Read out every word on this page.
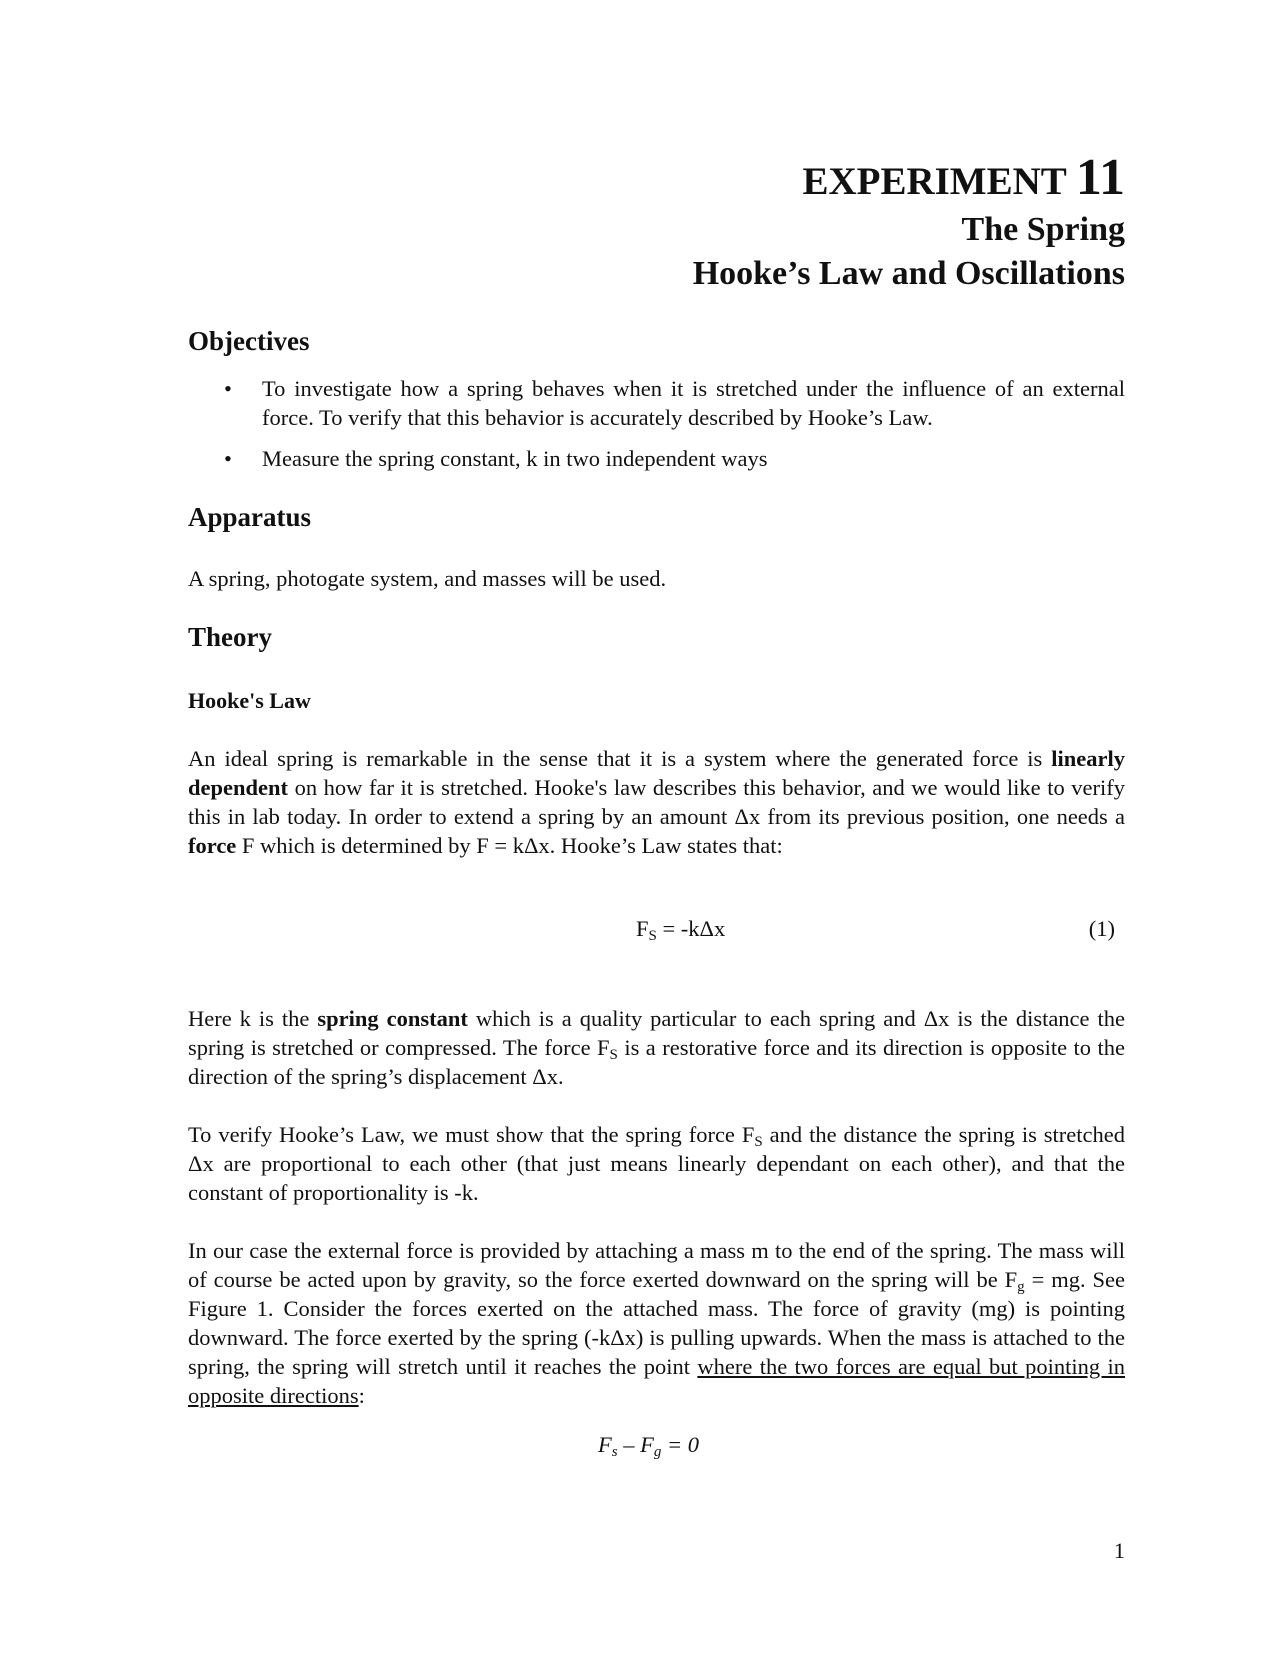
EXPERIMENT 11
The Spring
Hooke’s Law and Oscillations
Objectives
• To investigate how a spring behaves when it is stretched under the influence of an external force. To verify that this behavior is accurately described by Hooke’s Law.
• Measure the spring constant, k in two independent ways
Apparatus

A spring, photogate system, and masses will be used.

Theory
Hooke's Law

An ideal spring is remarkable in the sense that it is a system where the generated force is linearly dependent on how far it is stretched. Hooke's law describes this behavior, and we would like to verify this in lab today. In order to extend a spring by an amount Δx from its previous position, one needs a force F which is determined by F = kΔx. Hooke’s Law states that:

$F_S = -k\Delta x$	(1)

Here k is the spring constant which is a quality particular to each spring and Δx is the distance the spring is stretched or compressed. The force $F_S$ is a restorative force and its direction is opposite to the direction of the spring’s displacement Δx.

To verify Hooke’s Law, we must show that the spring force $F_S$ and the distance the spring is stretched Δx are proportional to each other (that just means linearly dependant on each other), and that the constant of proportionality is -k.

In our case the external force is provided by attaching a mass m to the end of the spring. The mass will of course be acted upon by gravity, so the force exerted downward on the spring will be $F_g$ = mg. See Figure 1. Consider the forces exerted on the attached mass. The force of gravity (mg) is pointing downward. The force exerted by the spring (-kΔx) is pulling upwards. When the mass is attached to the spring, the spring will stretch until it reaches the point where the two forces are equal but pointing in opposite directions:

$F_s - F_g = 0$
1
